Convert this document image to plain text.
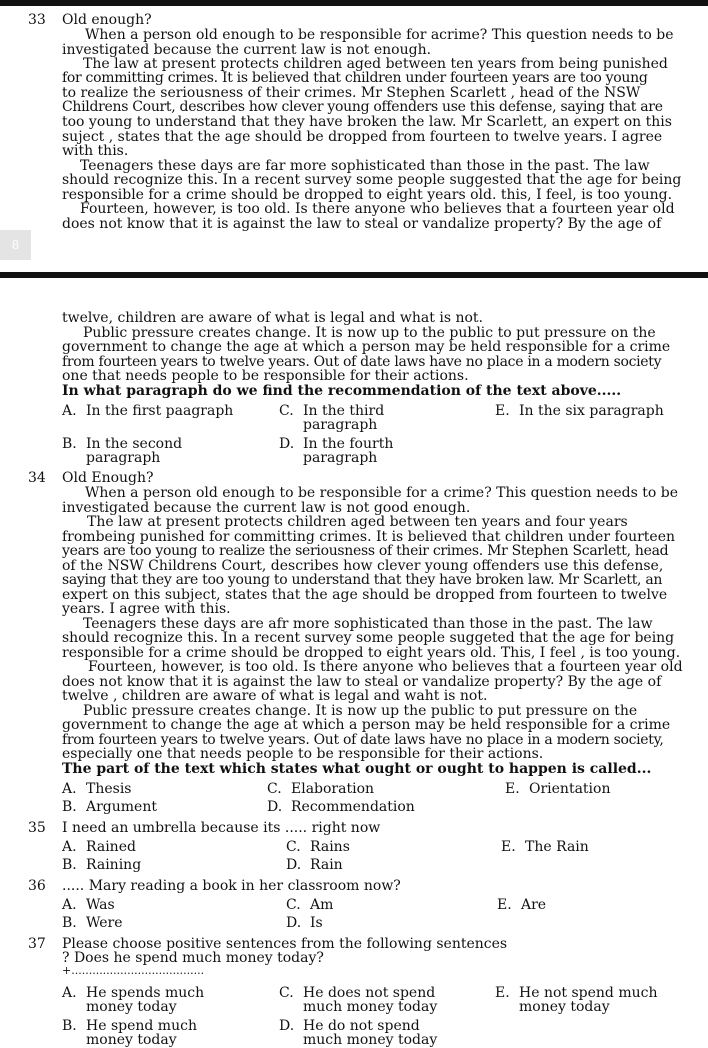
33 Old enough?
When a person old enough to be responsible for acrime? This question needs to be
investigated because the current law is not enough.
The law at present protects children aged between ten years from being punished
for committing crimes. It is believed that children under fourteen years are too young
to realize the seriousness of their crimes. Mr Stephen Scarlett , head of the NSW
Childrens Court, describes how clever young offenders use this defense, saying that are
too young to understand that they have broken the law. Mr Scarlett, an expert on this
suject , states that the age should be dropped from fourteen to twelve years. I agree
with this.
Teenagers these days are far more sophisticated than those in the past. The law
should recognize this. In a recent survey some people suggested that the age for being
responsible for a crime should be dropped to eight years old. this, I feel, is too young.
Fourteen, however, is too old. Is there anyone who believes that a fourteen year old
does not know that it is against the law to steal or vandalize property? By the age of
8
twelve, children are aware of what is legal and what is not.
Public pressure creates change. It is now up to the public to put pressure on the
government to change the age at which a person may be held responsible for a crime
from fourteen years to twelve years. Out of date laws have no place in a modern society
one that needs people to be responsible for their actions.
In what paragraph do we find the recommendation of the text above.....
A. In the first paagraph
B. In the second
paragraph
C. In the third
paragraph
D. In the fourth
paragraph
E. In the six paragraph
34 Old Enough?
When a person old enough to be responsible for a crime? This question needs to be
investigated because the current law is not good enough.
The law at present protects children aged between ten years and four years
frombeing punished for committing crimes. It is believed that children under fourteen
years are too young to realize the seriousness of their crimes. Mr Stephen Scarlett, head
of the NSW Childrens Court, describes how clever young offenders use this defense,
saying that they are too young to understand that they have broken law. Mr Scarlett, an
expert on this subject, states that the age should be dropped from fourteen to twelve
years. I agree with this.
Teenagers these days are afr more sophisticated than those in the past. The law
should recognize this. In a recent survey some people suggeted that the age for being
responsible for a crime should be dropped to eight years old. This, I feel , is too young.
Fourteen, however, is too old. Is there anyone who believes that a fourteen year old
does not know that it is against the law to steal or vandalize property? By the age of
twelve , children are aware of what is legal and waht is not.
Public pressure creates change. It is now up the public to put pressure on the
government to change the age at which a person may be held responsible for a crime
from fourteen years to twelve years. Out of date laws have no place in a modern society,
especially one that needs people to be responsible for their actions.
The part of the text which states what ought or ought to happen is called...
A. Thesis
B. Argument
C. Elaboration
D. Recommendation
E. Orientation
35 I need an umbrella because its ..... right now
A. Rained
B. Raining
C. Rains
D. Rain
E. The Rain
36 ..... Mary reading a book in her classroom now?
A. Was
B. Were
C. Am
D. Is
E. Are
37 Please choose positive sentences from the following sentences
? Does he spend much money today?
+......................................
A. He spends much
money today
B. He spend much
money today
C. He does not spend
much money today
D. He do not spend
much money today
E. He not spend much
money today
